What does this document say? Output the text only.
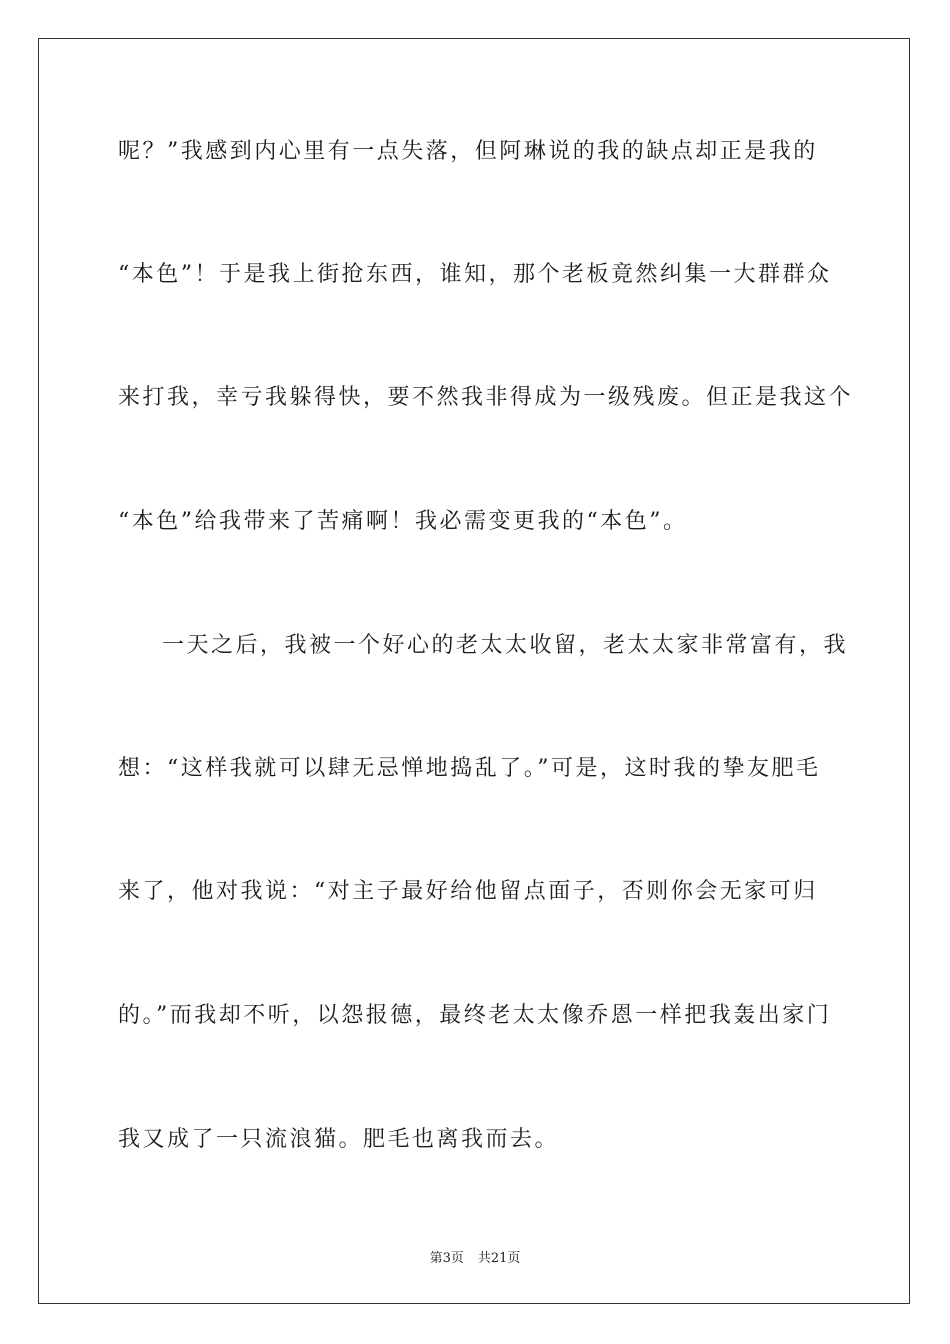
呢？”我感到内心里有一点失落，但阿琳说的我的缺点却正是我的
“本色”！于是我上街抢东西，谁知，那个老板竟然纠集一大群群众
来打我，幸亏我躲得快，要不然我非得成为一级残废。但正是我这个
“本色”给我带来了苦痛啊！我必需变更我的“本色”。
一天之后，我被一个好心的老太太收留，老太太家非常富有，我
想：“这样我就可以肆无忌惮地捣乱了。”可是，这时我的挚友肥毛
来了，他对我说：“对主子最好给他留点面子，否则你会无家可归
的。”而我却不听，以怨报德，最终老太太像乔恩一样把我轰出家门
我又成了一只流浪猫。肥毛也离我而去。
第3页 共21页
